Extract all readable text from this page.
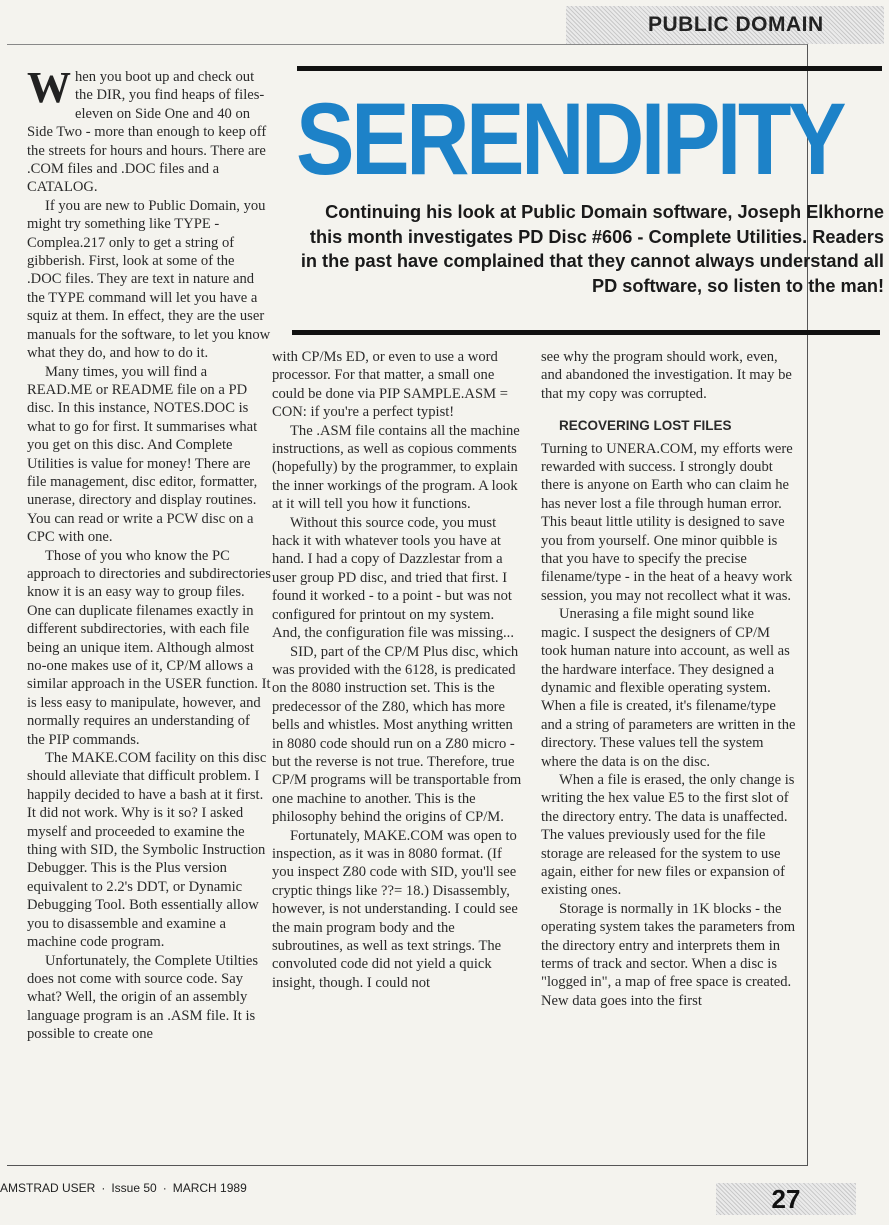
PUBLIC DOMAIN

When you boot up and check out the DIR, you find heaps of files- eleven on Side One and 40 on Side Two - more than enough to keep off the streets for hours and hours. There are .COM files and .DOC files and a CATALOG.

If you are new to Public Domain, you might try something like TYPE -Complea.217 only to get a string of gibberish. First, look at some of the .DOC files. They are text in nature and the TYPE command will let you have a squiz at them. In effect, they are the user manuals for the software, to let you know what they do, and how to do it.

Many times, you will find a READ.ME or README file on a PD disc. In this instance, NOTES.DOC is what to go for first. It summarises what you get on this disc. And Complete Utilities is value for money! There are file management, disc editor, formatter, unerase, directory and display routines. You can read or write a PCW disc on a CPC with one.

Those of you who know the PC approach to directories and subdirectories know it is an easy way to group files. One can duplicate filenames exactly in different subdirectories, with each file being an unique item. Although almost no-one makes use of it, CP/M allows a similar approach in the USER function. It is less easy to manipulate, however, and normally requires an understanding of the PIP commands.

The MAKE.COM facility on this disc should alleviate that difficult problem. I happily decided to have a bash at it first. It did not work. Why is it so? I asked myself and proceeded to examine the thing with SID, the Symbolic Instruction Debugger. This is the Plus version equivalent to 2.2's DDT, or Dynamic Debugging Tool. Both essentially allow you to disassemble and examine a machine code program.

Unfortunately, the Complete Utilties does not come with source code. Say what? Well, the origin of an assembly language program is an .ASM file. It is possible to create one

SERENDIPITY
Continuing his look at Public Domain software, Joseph Elkhorne this month investigates PD Disc #606 - Complete Utilities. Readers in the past have complained that they cannot always understand all PD software, so listen to the man!

with CP/Ms ED, or even to use a word processor. For that matter, a small one could be done via PIP SAMPLE.ASM = CON: if you're a perfect typist!

The .ASM file contains all the machine instructions, as well as copious comments (hopefully) by the programmer, to explain the inner workings of the program. A look at it will tell you how it functions.

Without this source code, you must hack it with whatever tools you have at hand. I had a copy of Dazzlestar from a user group PD disc, and tried that first. I found it worked - to a point - but was not configured for printout on my system. And, the configuration file was missing...

SID, part of the CP/M Plus disc, which was provided with the 6128, is predicated on the 8080 instruction set. This is the predecessor of the Z80, which has more bells and whistles. Most anything written in 8080 code should run on a Z80 micro - but the reverse is not true. Therefore, true CP/M programs will be transportable from one machine to another. This is the philosophy behind the origins of CP/M.

Fortunately, MAKE.COM was open to inspection, as it was in 8080 format. (If you inspect Z80 code with SID, you'll see cryptic things like ??= 18.) Disassembly, however, is not understanding. I could see the main program body and the subroutines, as well as text strings. The convoluted code did not yield a quick insight, though. I could not

see why the program should work, even, and abandoned the investigation. It may be that my copy was corrupted.

RECOVERING LOST FILES

Turning to UNERA.COM, my efforts were rewarded with success. I strongly doubt there is anyone on Earth who can claim he has never lost a file through human error. This beaut little utility is designed to save you from yourself. One minor quibble is that you have to specify the precise filename/type - in the heat of a heavy work session, you may not recollect what it was.

Unerasing a file might sound like magic. I suspect the designers of CP/M took human nature into account, as well as the hardware interface. They designed a dynamic and flexible operating system. When a file is created, it's filename/type and a string of parameters are written in the directory. These values tell the system where the data is on the disc.

When a file is erased, the only change is writing the hex value E5 to the first slot of the directory entry. The data is unaffected. The values previously used for the file storage are released for the system to use again, either for new files or expansion of existing ones.

Storage is normally in 1K blocks - the operating system takes the parameters from the directory entry and interprets them in terms of track and sector. When a disc is "logged in", a map of free space is created. New data goes into the first

AMSTRAD USER · Issue 50 · MARCH 1989	27
